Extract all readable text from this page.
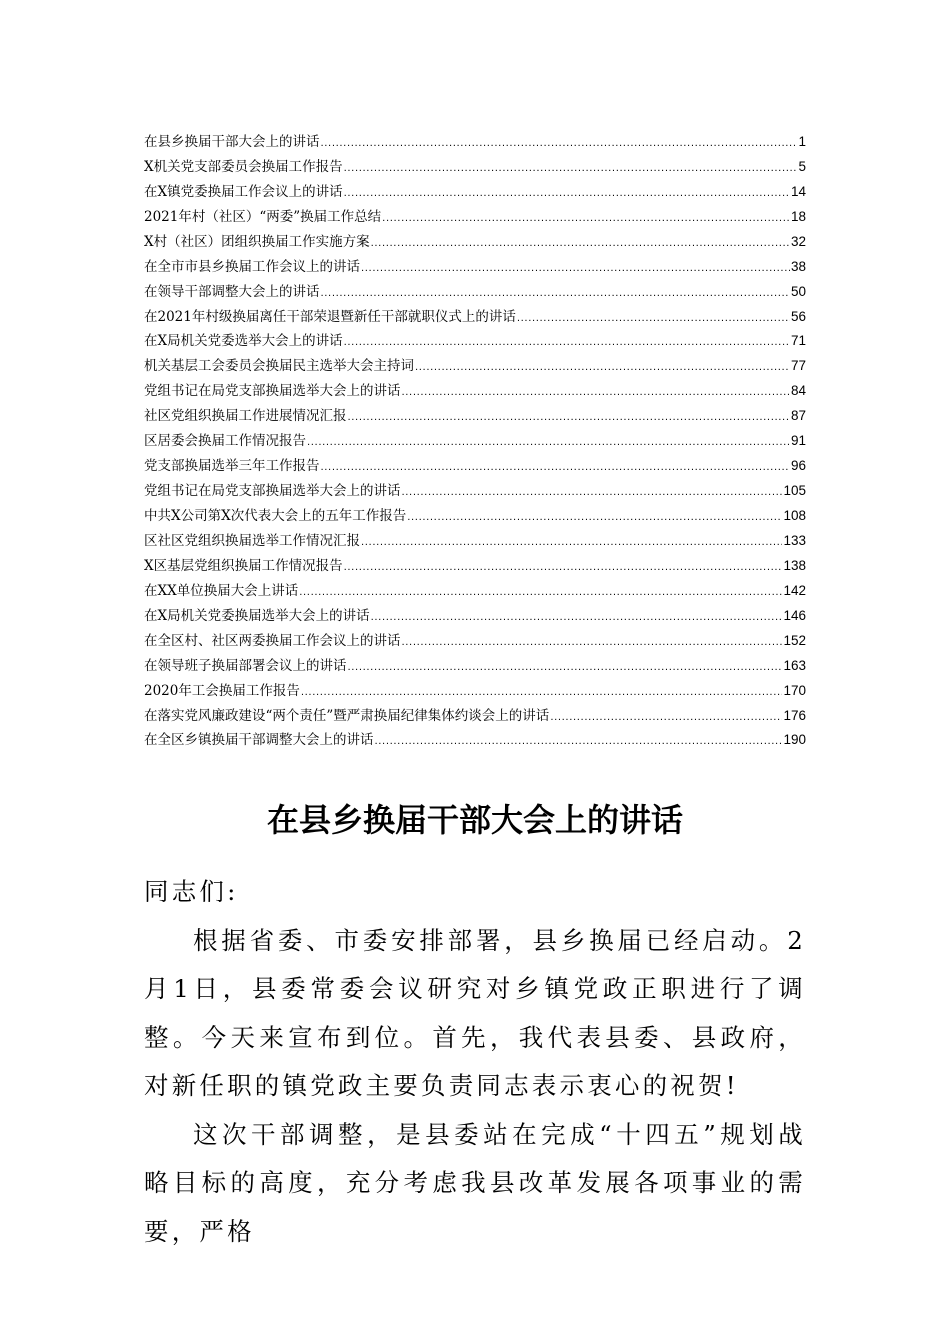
在县乡换届干部大会上的讲话 .....	1
X机关党支部委员会换届工作报告 .....	5
在X镇党委换届工作会议上的讲话 .....	14
2021年村（社区）“两委”换届工作总结 .....	18
X村（社区）团组织换届工作实施方案 .....	32
在全市市县乡换届工作会议上的讲话 .....	38
在领导干部调整大会上的讲话 .....	50
在2021年村级换届离任干部荣退暨新任干部就职仪式上的讲话 .....	56
在X局机关党委选举大会上的讲话 .....	71
机关基层工会委员会换届民主选举大会主持词 .....	77
党组书记在局党支部换届选举大会上的讲话 .....	84
社区党组织换届工作进展情况汇报 .....	87
区居委会换届工作情况报告 .....	91
党支部换届选举三年工作报告 .....	96
党组书记在局党支部换届选举大会上的讲话 .....	105
中共X公司第X次代表大会上的五年工作报告 .....	108
区社区党组织换届选举工作情况汇报 .....	133
X区基层党组织换届工作情况报告 .....	138
在XX单位换届大会上讲话 .....	142
在X局机关党委换届选举大会上的讲话 .....	146
在全区村、社区两委换届工作会议上的讲话 .....	152
在领导班子换届部署会议上的讲话 .....	163
2020年工会换届工作报告 .....	170
在落实党风廉政建设“两个责任”暨严肃换届纪律集体约谈会上的讲话 .....	176
在全区乡镇换届干部调整大会上的讲话 .....	190
在县乡换届干部大会上的讲话

同志们:

根据省委、市委安排部署，县乡换届已经启动。2月1日，县委常委会议研究对乡镇党政正职进行了调整。今天来宣布到位。首先，我代表县委、县政府，对新任职的镇党政主要负责同志表示衷心的祝贺!

这次干部调整，是县委站在完成“十四五”规划战略目标的高度，充分考虑我县改革发展各项事业的需要，严格
